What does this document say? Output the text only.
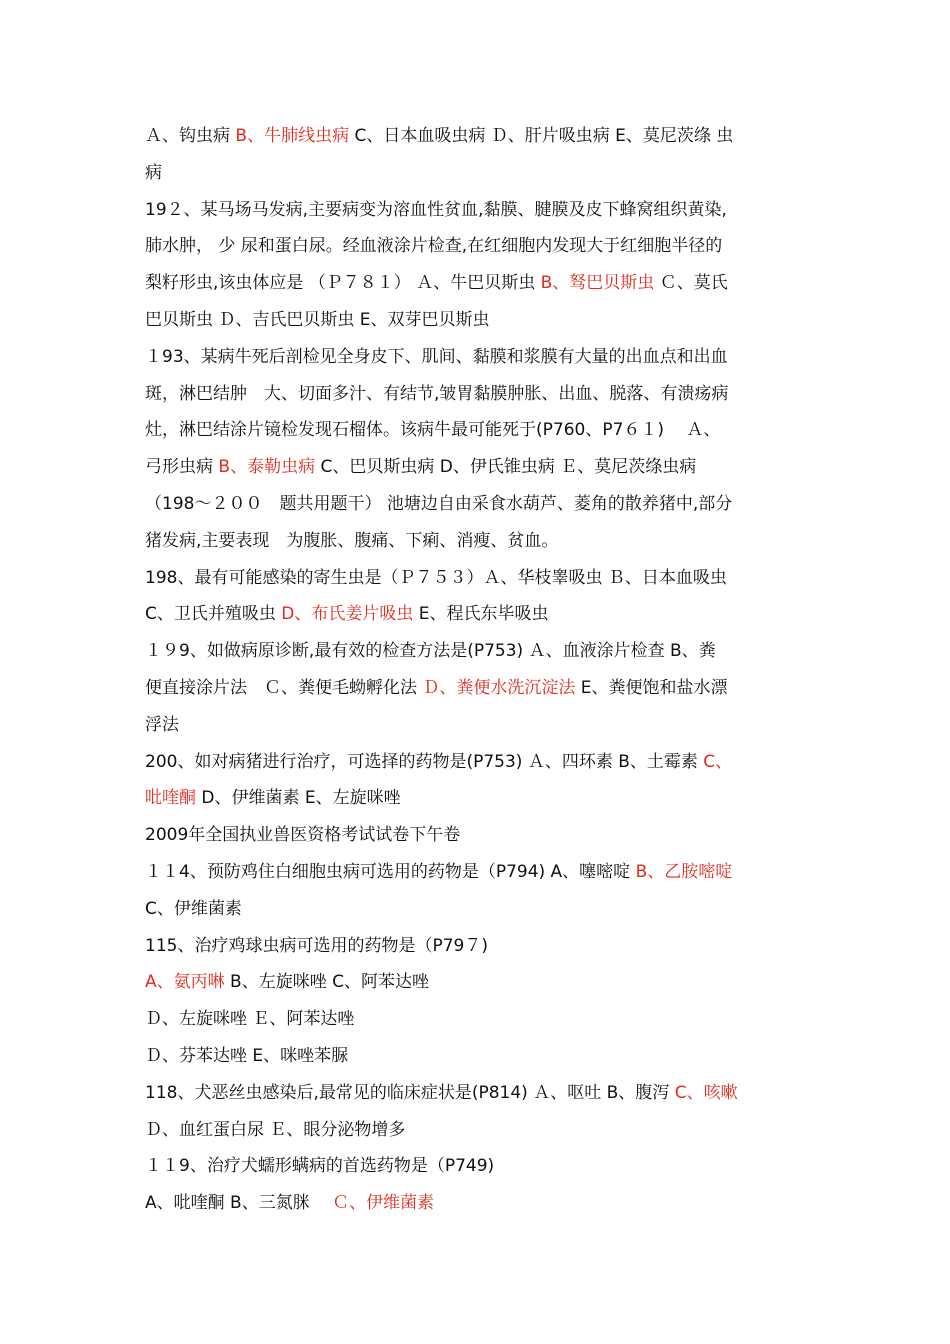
Ａ、钩虫病 B、牛肺线虫病 C、日本血吸虫病 Ｄ、肝片吸虫病 E、莫尼茨绦 虫
病
19２、某马场马发病,主要病变为溶血性贫血,黏膜、腱膜及皮下蜂窝组织黄染,
肺水肿， 少 尿和蛋白尿。经血液涂片检查,在红细胞内发现大于红细胞半径的
梨籽形虫,该虫体应是 （Ｐ７８１） Ａ、牛巴贝斯虫 B、驽巴贝斯虫 Ｃ、莫氏
巴贝斯虫 Ｄ、吉氏巴贝斯虫 E、双芽巴贝斯虫
１93、某病牛死后剖检见全身皮下、肌间、黏膜和浆膜有大量的出血点和出血
斑，淋巴结肿　大、切面多汁、有结节,皱胃黏膜肿胀、出血、脱落、有溃疡病
灶，淋巴结涂片镜检发现石榴体。该病牛最可能死于(P760、P7６１)　 Ａ、
弓形虫病 B、泰勒虫病 C、巴贝斯虫病 D、伊氏锥虫病 Ｅ、莫尼茨绦虫病
（198～２００　题共用题干） 池塘边自由采食水葫芦、菱角的散养猪中,部分
猪发病,主要表现　为腹胀、腹痛、下痢、消瘦、贫血。
198、最有可能感染的寄生虫是（Ｐ７５３）Ａ、华枝睾吸虫 Ｂ、日本血吸虫
C、卫氏并殖吸虫 D、布氏姜片吸虫 E、程氏东毕吸虫
１９9、如做病原诊断,最有效的检查方法是(P753) Ａ、血液涂片检查 B、粪
便直接涂片法　Ｃ、粪便毛蚴孵化法 Ｄ、粪便水洗沉淀法 E、粪便饱和盐水漂
浮法
200、如对病猪进行治疗，可选择的药物是(P753) Ａ、四环素 B、土霉素 C、
吡喹酮 D、伊维菌素 E、左旋咪唑
2009年全国执业兽医资格考试试卷下午卷
１１4、预防鸡住白细胞虫病可选用的药物是（P794) A、噻嘧啶 B、乙胺嘧啶
C、伊维菌素
115、治疗鸡球虫病可选用的药物是（P79７)
A、氨丙啉 B、左旋咪唑 C、阿苯达唑
Ｄ、左旋咪唑 Ｅ、阿苯达唑
Ｄ、芬苯达唑 E、咪唑苯脲
118、犬恶丝虫感染后,最常见的临床症状是(P814) Ａ、呕吐 B、腹泻 C、咳嗽
Ｄ、血红蛋白尿 Ｅ、眼分泌物增多
１１9、治疗犬蠕形螨病的首选药物是（P749)
A、吡喹酮 B、三氮脒　 Ｃ、伊维菌素
